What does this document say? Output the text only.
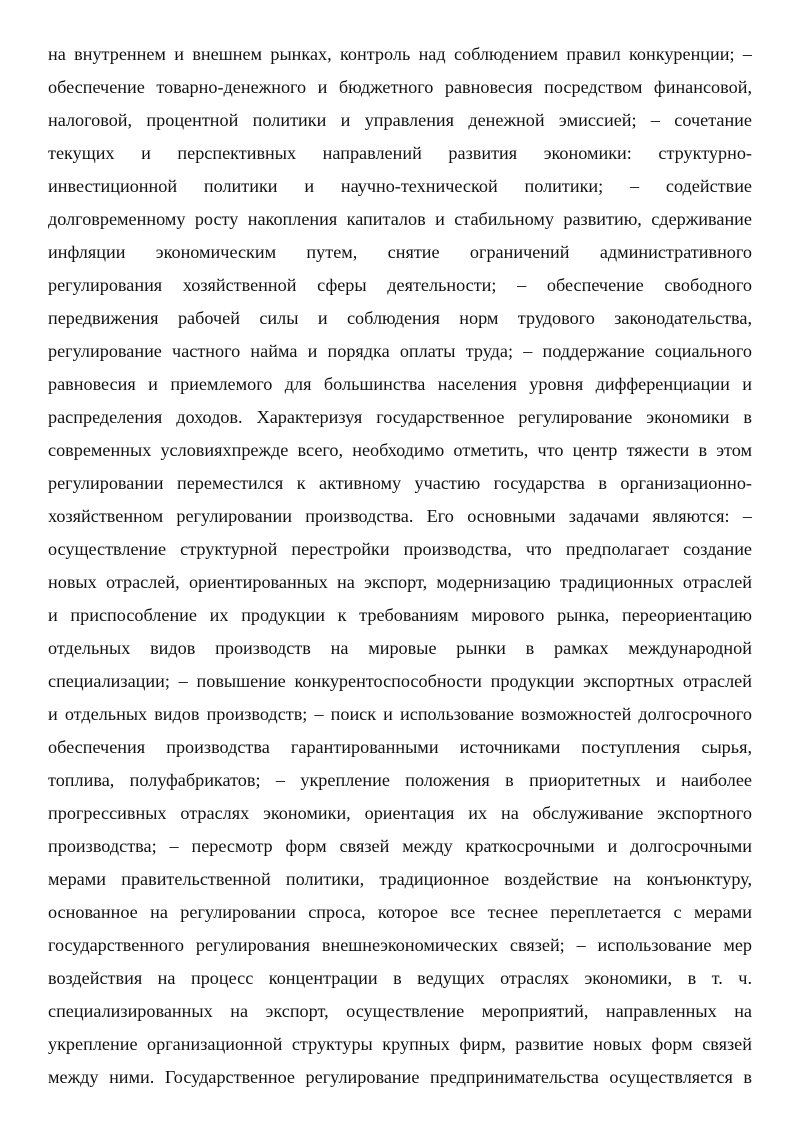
на внутреннем и внешнем рынках, контроль над соблюдением правил конкуренции; –
обеспечение товарно-денежного и бюджетного равновесия посредством финансовой,
налоговой, процентной политики и управления денежной эмиссией; – сочетание
текущих и перспективных направлений развития экономики: структурно-
инвестиционной политики и научно-технической политики; – содействие
долговременному росту накопления капиталов и стабильному развитию, сдерживание
инфляции экономическим путем, снятие ограничений административного
регулирования хозяйственной сферы деятельности; – обеспечение свободного
передвижения рабочей силы и соблюдения норм трудового законодательства,
регулирование частного найма и порядка оплаты труда; – поддержание социального
равновесия и приемлемого для большинства населения уровня дифференциации и
распределения доходов. Характеризуя государственное регулирование экономики в
современных условияхпрежде всего, необходимо отметить, что центр тяжести в этом
регулировании переместился к активному участию государства в организационно-
хозяйственном регулировании производства. Его основными задачами являются: –
осуществление структурной перестройки производства, что предполагает создание
новых отраслей, ориентированных на экспорт, модернизацию традиционных отраслей
и приспособление их продукции к требованиям мирового рынка, переориентацию
отдельных видов производств на мировые рынки в рамках международной
специализации; – повышение конкурентоспособности продукции экспортных отраслей
и отдельных видов производств; – поиск и использование возможностей долгосрочного
обеспечения производства гарантированными источниками поступления сырья,
топлива, полуфабрикатов; – укрепление положения в приоритетных и наиболее
прогрессивных отраслях экономики, ориентация их на обслуживание экспортного
производства; – пересмотр форм связей между краткосрочными и долгосрочными
мерами правительственной политики, традиционное воздействие на конъюнктуру,
основанное на регулировании спроса, которое все теснее переплетается с мерами
государственного регулирования внешнеэкономических связей; – использование мер
воздействия на процесс концентрации в ведущих отраслях экономики, в т. ч.
специализированных на экспорт, осуществление мероприятий, направленных на
укрепление организационной структуры крупных фирм, развитие новых форм связей
между ними. Государственное регулирование предпринимательства осуществляется в
